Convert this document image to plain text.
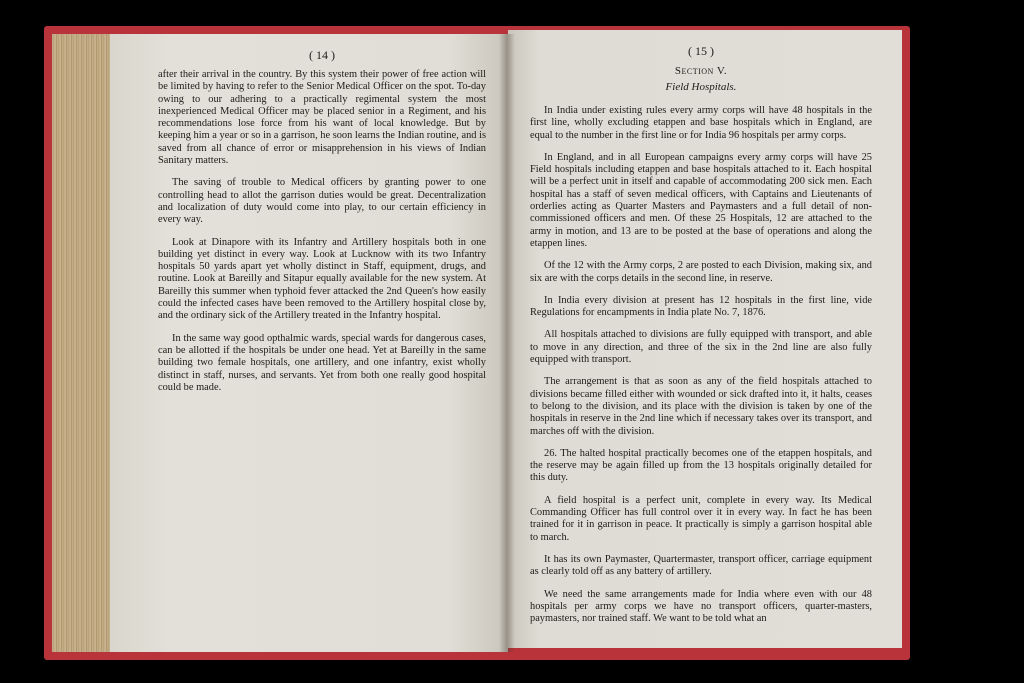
( 14 )

after their arrival in the country. By this system their power of free action will be limited by having to refer to the Senior Medical Officer on the spot. To-day owing to our adhering to a practically regimental system the most inexperienced Medical Officer may be placed senior in a Regiment, and his recommendations lose force from his want of local knowledge. But by keeping him a year or so in a garrison, he soon learns the Indian routine, and is saved from all chance of error or misapprehension in his views of Indian Sanitary matters.

The saving of trouble to Medical officers by granting power to one controlling head to allot the garrison duties would be great. Decentralization and localization of duty would come into play, to our certain efficiency in every way.

Look at Dinapore with its Infantry and Artillery hospitals both in one building yet distinct in every way. Look at Lucknow with its two Infantry hospitals 50 yards apart yet wholly distinct in Staff, equipment, drugs, and routine. Look at Bareilly and Sitapur equally available for the new system. At Bareilly this summer when typhoid fever attacked the 2nd Queen's how easily could the infected cases have been removed to the Artillery hospital close by, and the ordinary sick of the Artillery treated in the Infantry hospital.

In the same way good opthalmic wards, special wards for dangerous cases, can be allotted if the hospitals be under one head. Yet at Bareilly in the same building two female hospitals, one artillery, and one infantry, exist wholly distinct in staff, nurses, and servants. Yet from both one really good hospital could be made.

( 15 )
Section V.
Field Hospitals.

In India under existing rules every army corps will have 48 hospitals in the first line, wholly excluding etappen and base hospitals which in England, are equal to the number in the first line or for India 96 hospitals per army corps.

In England, and in all European campaigns every army corps will have 25 Field hospitals including etappen and base hospitals attached to it. Each hospital will be a perfect unit in itself and capable of accommodating 200 sick men. Each hospital has a staff of seven medical officers, with Captains and Lieutenants of orderlies acting as Quarter Masters and Paymasters and a full detail of non-commissioned officers and men. Of these 25 Hospitals, 12 are attached to the army in motion, and 13 are to be posted at the base of operations and along the etappen lines.

Of the 12 with the Army corps, 2 are posted to each Division, making six, and six are with the corps details in the second line, in reserve.

In India every division at present has 12 hospitals in the first line, vide Regulations for encampments in India plate No. 7, 1876.

All hospitals attached to divisions are fully equipped with transport, and able to move in any direction, and three of the six in the 2nd line are also fully equipped with transport.

The arrangement is that as soon as any of the field hospitals attached to divisions became filled either with wounded or sick drafted into it, it halts, ceases to belong to the division, and its place with the division is taken by one of the hospitals in reserve in the 2nd line which if necessary takes over its transport, and marches off with the division.

26. The halted hospital practically becomes one of the etappen hospitals, and the reserve may be again filled up from the 13 hospitals originally detailed for this duty.

A field hospital is a perfect unit, complete in every way. Its Medical Commanding Officer has full control over it in every way. In fact he has been trained for it in garrison in peace. It practically is simply a garrison hospital able to march.

It has its own Paymaster, Quartermaster, transport officer, carriage equipment as clearly told off as any battery of artillery.

We need the same arrangements made for India where even with our 48 hospitals per army corps we have no transport officers, quarter-masters, paymasters, nor trained staff. We want to be told what an
